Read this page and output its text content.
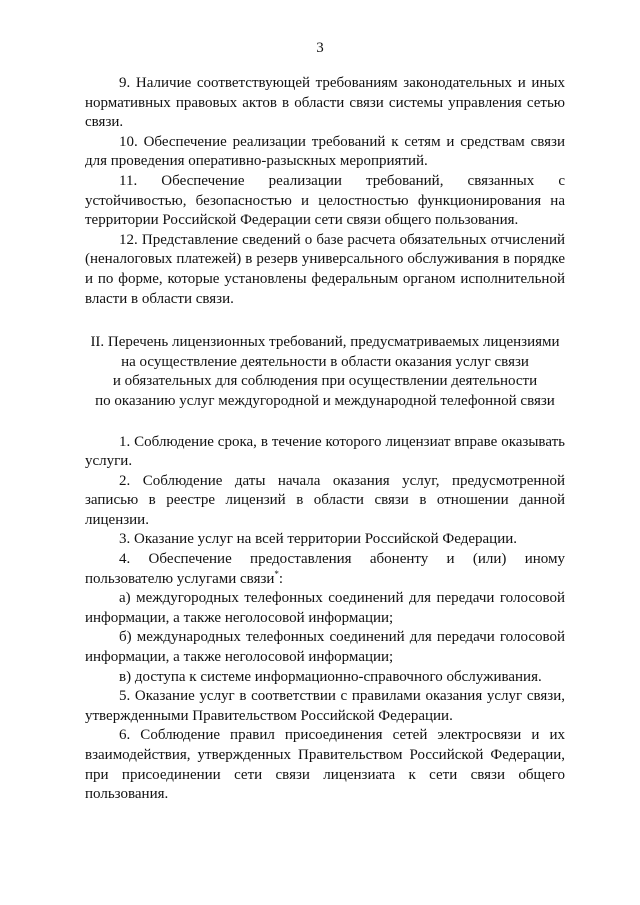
3

9. Наличие соответствующей требованиям законодательных и иных нормативных правовых актов в области связи системы управления сетью связи.

10. Обеспечение реализации требований к сетям и средствам связи для проведения оперативно-разыскных мероприятий.

11. Обеспечение реализации требований, связанных с устойчивостью, безопасностью и целостностью функционирования на территории Российской Федерации сети связи общего пользования.

12. Представление сведений о базе расчета обязательных отчислений (неналоговых платежей) в резерв универсального обслуживания в порядке и по форме, которые установлены федеральным органом исполнительной власти в области связи.

II. Перечень лицензионных требований, предусматриваемых лицензиями
на осуществление деятельности в области оказания услуг связи
и обязательных для соблюдения при осуществлении деятельности
по оказанию услуг междугородной и международной телефонной связи

1. Соблюдение срока, в течение которого лицензиат вправе оказывать услуги.

2. Соблюдение даты начала оказания услуг, предусмотренной записью в реестре лицензий в области связи в отношении данной лицензии.

3. Оказание услуг на всей территории Российской Федерации.

4. Обеспечение предоставления абоненту и (или) иному пользователю услугами связи*:

а) междугородных телефонных соединений для передачи голосовой информации, а также неголосовой информации;

б) международных телефонных соединений для передачи голосовой информации, а также неголосовой информации;

в) доступа к системе информационно-справочного обслуживания.

5. Оказание услуг в соответствии с правилами оказания услуг связи, утвержденными Правительством Российской Федерации.

6. Соблюдение правил присоединения сетей электросвязи и их взаимодействия, утвержденных Правительством Российской Федерации, при присоединении сети связи лицензиата к сети связи общего пользования.
